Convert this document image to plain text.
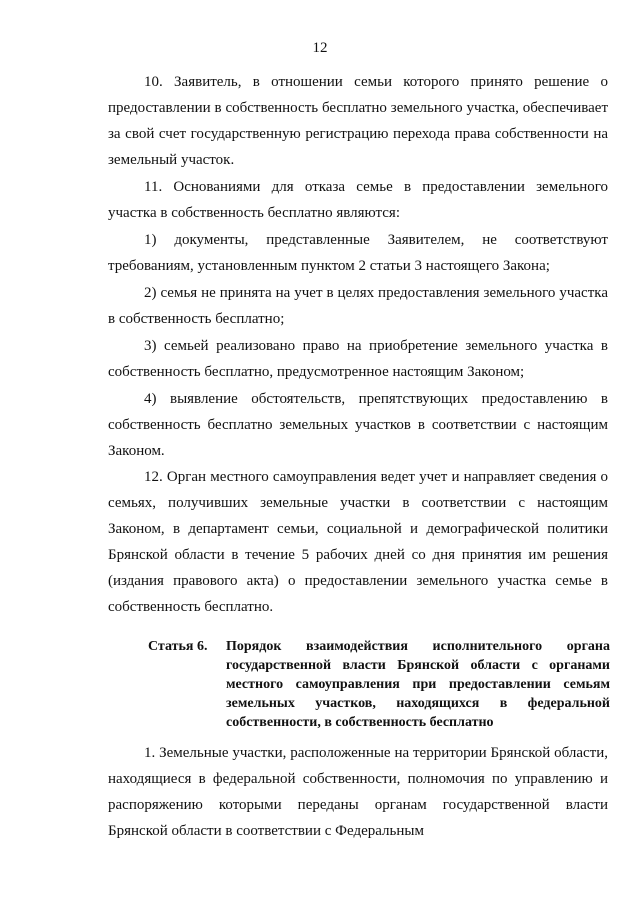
12

10. Заявитель, в отношении семьи которого принято решение о предоставлении в собственность бесплатно земельного участка, обеспечивает за свой счет государственную регистрацию перехода права собственности на земельный участок.

11. Основаниями для отказа семье в предоставлении земельного участка в собственность бесплатно являются:

1) документы, представленные Заявителем, не соответствуют требованиям, установленным пунктом 2 статьи 3 настоящего Закона;

2) семья не принята на учет в целях предоставления земельного участка в собственность бесплатно;

3) семьей реализовано право на приобретение земельного участка в собственность бесплатно, предусмотренное настоящим Законом;

4) выявление обстоятельств, препятствующих предоставлению в собственность бесплатно земельных участков в соответствии с настоящим Законом.

12. Орган местного самоуправления ведет учет и направляет сведения о семьях, получивших земельные участки в соответствии с настоящим Законом, в департамент семьи, социальной и демографической политики Брянской области в течение 5 рабочих дней со дня принятия им решения (издания правового акта) о предоставлении земельного участка семье в собственность бесплатно.

Статья 6. Порядок взаимодействия исполнительного органа государственной власти Брянской области с органами местного самоуправления при предоставлении семьям земельных участков, находящихся в федеральной собственности, в собственность бесплатно

1. Земельные участки, расположенные на территории Брянской области, находящиеся в федеральной собственности, полномочия по управлению и распоряжению которыми переданы органам государственной власти Брянской области в соответствии с Федеральным
